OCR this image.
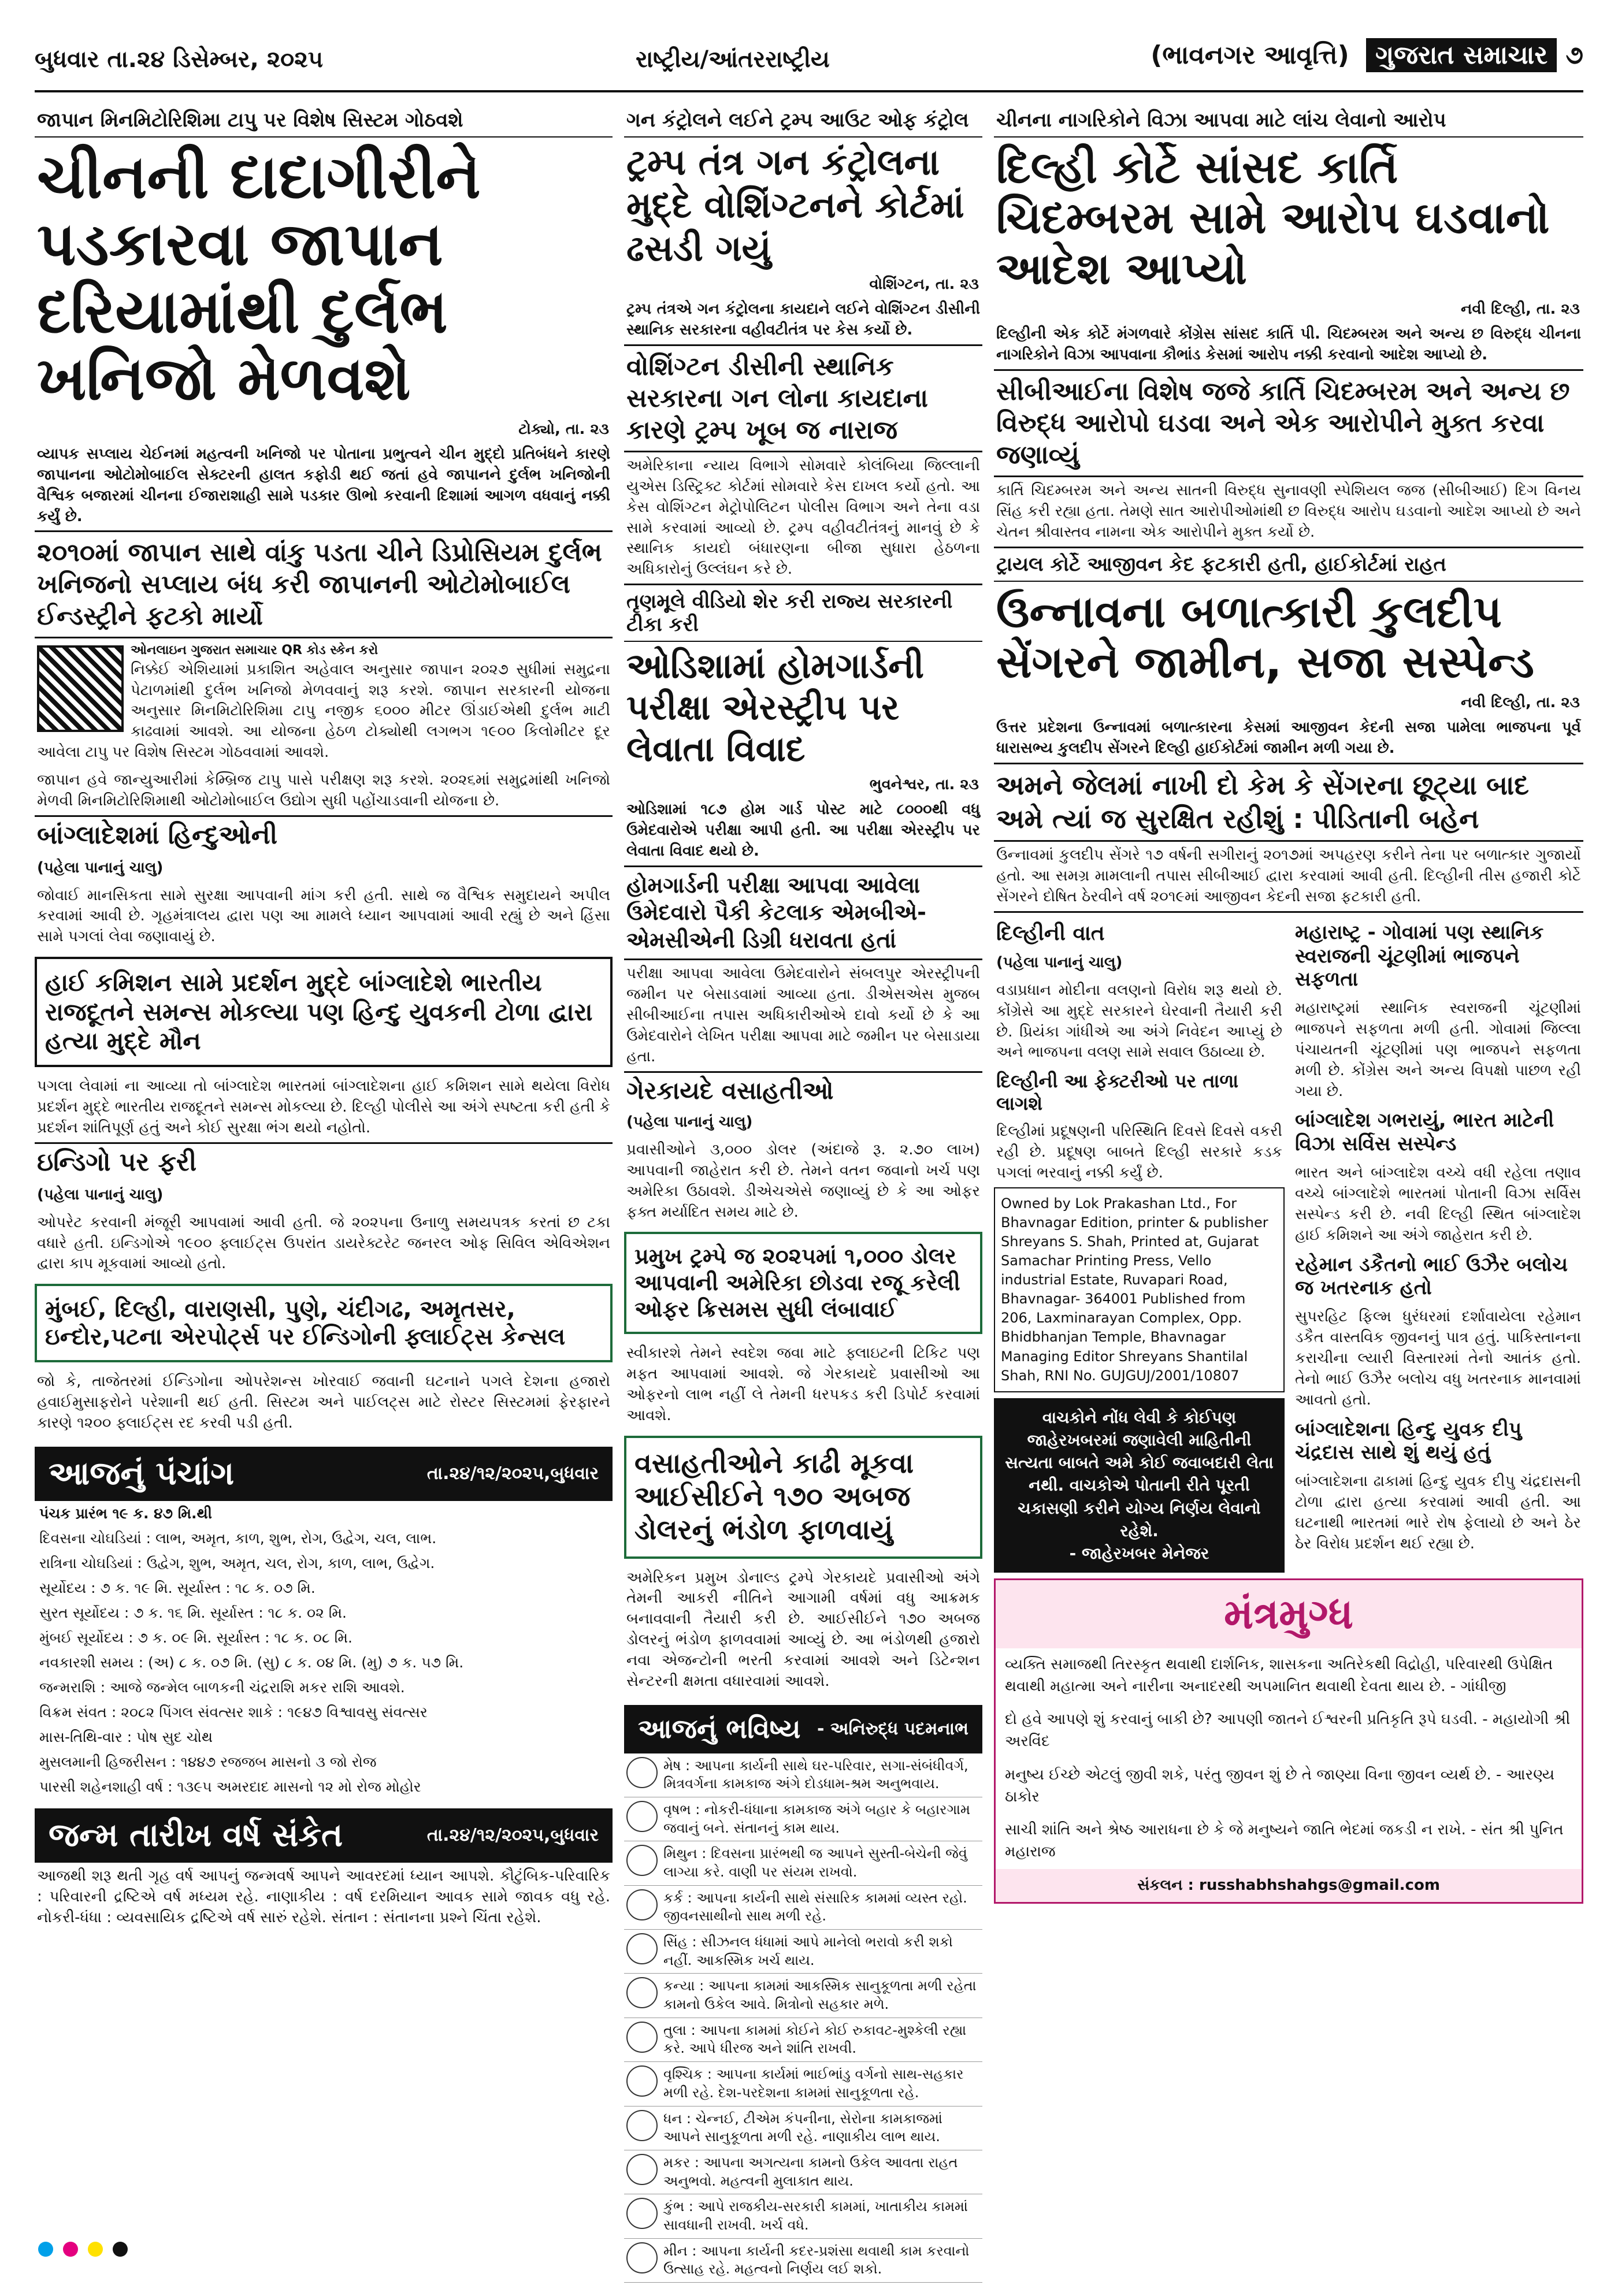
બુધવાર તા.૨૪ ડિસેમ્બર, ૨૦૨૫	રાષ્ટ્રીય/આંતરરાષ્ટ્રીય	(ભાવનગર આવૃત્તિ) ગુજરાત સમાચાર ૭
જાપાન મિનમિટોરિશિમા ટાપુ પર વિશેષ સિસ્ટમ ગોઠવશે
ચીનની દાદાગીરીને પડકારવા જાપાન દરિયામાંથી દુર્લભ ખનિજો મેળવશે
ટોક્યો, તા. ૨૩
વ્યાપક સપ્લાય ચેઈનમાં મહત્વની ખનિજો પર પોતાના પ્રભુત્વને ચીન મુદ્દો પ્રતિબંધને કારણે જાપાનના ઓટોમોબાઈલ સેક્ટરની હાલત કફોડી થઈ જતાં હવે જાપાનને દુર્લભ ખનિજોની વૈશ્વિક બજારમાં ચીનના ઈજારાશાહી સામે પડકાર ઊભો કરવાની દિશામાં આગળ વધવાનું નક્કી કર્યું છે.
૨૦૧૦માં જાપાન સાથે વાંકુ પડતા ચીને ડિપ્રોસિયમ દુર્લભ ખનિજનો સપ્લાય બંધ કરી જાપાનની ઓટોમોબાઈલ ઈન્ડસ્ટ્રીને ફટકો માર્યો
ઓનલાઇન ગુજરાત સમાચાર QR કોડ સ્કેન કરો
નિક્કેઈ એશિયામાં પ્રકાશિત અહેવાલ અનુસાર જાપાન ૨૦૨૭ સુધીમાં સમુદ્રના પેટાળમાંથી દુર્લભ ખનિજો મેળવવાનું શરૂ કરશે. જાપાન સરકારની યોજના અનુસાર મિનમિટોરિશિમા ટાપુ નજીક ૬૦૦૦ મીટર ઊંડાઈએથી દુર્લભ માટી કાઢવામાં આવશે. આ યોજના હેઠળ ટોક્યોથી લગભગ ૧૯૦૦ કિલોમીટર દૂર આવેલા ટાપુ પર વિશેષ સિસ્ટમ ગોઠવવામાં આવશે.
જાપાન હવે જાન્યુઆરીમાં કેમ્બ્રિજ ટાપુ પાસે પરીક્ષણ શરૂ કરશે. ૨૦૨૬માં સમુદ્રમાંથી ખનિજો મેળવી મિનમિટોરિશિમાથી ઓટોમોબાઈલ ઉદ્યોગ સુધી પહોંચાડવાની યોજના છે.
બાંગ્લાદેશમાં હિન્દુઓની
(પહેલા પાનાનું ચાલુ)
જોવાઈ માનસિકતા સામે સુરક્ષા આપવાની માંગ કરી હતી. સાથે જ વૈશ્વિક સમુદાયને અપીલ કરવામાં આવી છે. ગૃહમંત્રાલય દ્વારા પણ આ મામલે ધ્યાન આપવામાં આવી રહ્યું છે અને હિંસા સામે પગલાં લેવા જણાવાયું છે.
હાઈ કમિશન સામે પ્રદર્શન મુદ્દે બાંગ્લાદેશે ભારતીય રાજદૂતને સમન્સ મોકલ્યા પણ હિન્દુ યુવકની ટોળા દ્વારા હત્યા મુદ્દે મૌન
પગલા લેવામાં ના આવ્યા તો બાંગ્લાદેશ ભારતમાં બાંગ્લાદેશના હાઈ કમિશન સામે થયેલા વિરોધ પ્રદર્શન મુદ્દે ભારતીય રાજદૂતને સમન્સ મોકલ્યા છે. દિલ્હી પોલીસે આ અંગે સ્પષ્ટતા કરી હતી કે પ્રદર્શન શાંતિપૂર્ણ હતું અને કોઈ સુરક્ષા ભંગ થયો નહોતો.
ઇન્ડિગો પર ફરી
(પહેલા પાનાનું ચાલુ)
ઓપરેટ કરવાની મંજૂરી આપવામાં આવી હતી. જે ૨૦૨૫ના ઉનાળુ સમયપત્રક કરતાં છ ટકા વધારે હતી. ઇન્ડિગોએ ૧૯૦૦ ફ્લાઈટ્સ ઉપરાંત ડાયરેક્ટરેટ જનરલ ઓફ સિવિલ એવિએશન દ્વારા કાપ મૂકવામાં આવ્યો હતો.
મુંબઈ, દિલ્હી, વારાણસી, પુણે, ચંદીગઢ, અમૃતસર, ઇન્દોર,પટના એરપોર્ટ્સ પર ઈન્ડિગોની ફ્લાઈટ્સ કેન્સલ
જો કે, તાજેતરમાં ઈન્ડિગોના ઓપરેશન્સ ખોરવાઈ જવાની ઘટનાને પગલે દેશના હજારો હવાઈમુસાફરોને પરેશાની થઈ હતી. સિસ્ટમ અને પાઈલટ્સ માટે રોસ્ટર સિસ્ટમમાં ફેરફારને કારણે ૧૨૦૦ ફ્લાઈટ્સ રદ કરવી પડી હતી.
આજનું પંચાંગ	તા.૨૪/૧૨/૨૦૨૫,બુધવાર
પંચક પ્રારંભ ૧૯ ક. ૪૭ મિ.થી
દિવસના ચોઘડિયાં : લાભ, અમૃત, કાળ, શુભ, રોગ, ઉદ્વેગ, ચલ, લાભ.
રાત્રિના ચોઘડિયાં : ઉદ્વેગ, શુભ, અમૃત, ચલ, રોગ, કાળ, લાભ, ઉદ્વેગ.
સૂર્યોદય : ૭ ક. ૧૯ મિ. સૂર્યાસ્ત : ૧૮ ક. ૦૭ મિ.
સુરત સૂર્યોદય : ૭ ક. ૧૬ મિ. સૂર્યાસ્ત : ૧૮ ક. ૦૨ મિ.
મુંબઈ સૂર્યોદય : ૭ ક. ૦૯ મિ. સૂર્યાસ્ત : ૧૮ ક. ૦૮ મિ.
નવકારશી સમય : (અ) ૮ ક. ૦૭ મિ. (સુ) ૮ ક. ૦૪ મિ. (મુ) ૭ ક. ૫૭ મિ.
જન્મરાશિ : આજે જન્મેલ બાળકની ચંદ્રરાશિ મકર રાશિ આવશે.
વિક્રમ સંવત : ૨૦૮૨ પિંગલ સંવત્સર શાકે : ૧૯૪૭ વિશ્વાવસુ સંવત્સર
માસ-તિથિ-વાર : પોષ સુદ ચોથ
મુસલમાની હિજરીસન : ૧૪૪૭ રજજબ માસનો ૩ જો રોજ
પારસી શહેનશાહી વર્ષ : ૧૩૯૫ અમરદાદ માસનો ૧૨ મો રોજ મોહોર
જન્મ તારીખ વર્ષ સંકેત	તા.૨૪/૧૨/૨૦૨૫,બુધવાર
આજથી શરૂ થતી ગૃહ વર્ષ આપનું જન્મવર્ષ આપને આવરદમાં ધ્યાન આપશે. કૌટુંબિક-પરિવારિક : પરિવારની દ્રષ્ટિએ વર્ષ મધ્યમ રહે. નાણાકીય : વર્ષ દરમિયાન આવક સામે જાવક વધુ રહે. નોકરી-ધંધા : વ્યવસાયિક દ્રષ્ટિએ વર્ષ સારું રહેશે. સંતાન : સંતાનના પ્રશ્ને ચિંતા રહેશે.
ગન કંટ્રોલને લઈને ટ્રમ્પ આઉટ ઓફ કંટ્રોલ
ટ્રમ્પ તંત્ર ગન કંટ્રોલના મુદ્દે વોશિંગ્ટનને કોર્ટમાં ઢસડી ગયું
વોશિંગ્ટન, તા. ૨૩
ટ્રમ્પ તંત્રએ ગન કંટ્રોલના કાયદાને લઈને વોશિંગ્ટન ડીસીની સ્થાનિક સરકારના વહીવટીતંત્ર પર કેસ કર્યો છે.
વોશિંગ્ટન ડીસીની સ્થાનિક સરકારના ગન લોના કાયદાના કારણે ટ્રમ્પ ખૂબ જ નારાજ
અમેરિકાના ન્યાય વિભાગે સોમવારે કોલંબિયા જિલ્લાની યુએસ ડિસ્ટ્રિક્ટ કોર્ટમાં સોમવારે કેસ દાખલ કર્યો હતો. આ કેસ વોશિંગ્ટન મેટ્રોપોલિટન પોલીસ વિભાગ અને તેના વડા સામે કરવામાં આવ્યો છે. ટ્રમ્પ વહીવટીતંત્રનું માનવું છે કે સ્થાનિક કાયદો બંધારણના બીજા સુધારા હેઠળના અધિકારોનું ઉલ્લંઘન કરે છે.
તૃણમૂલે વીડિયો શેર કરી રાજ્ય સરકારની ટીકા કરી
ઓડિશામાં હોમગાર્ડની પરીક્ષા એરસ્ટ્રીપ પર લેવાતા વિવાદ
ભુવનેશ્વર, તા. ૨૩
ઓડિશામાં ૧૮૭ હોમ ગાર્ડ પોસ્ટ માટે ૮૦૦૦થી વધુ ઉમેદવારોએ પરીક્ષા આપી હતી. આ પરીક્ષા એરસ્ટ્રીપ પર લેવાતા વિવાદ થયો છે.
હોમગાર્ડની પરીક્ષા આપવા આવેલા ઉમેદવારો પૈકી કેટલાક એમબીએ-એમસીએની ડિગ્રી ધરાવતા હતાં
પરીક્ષા આપવા આવેલા ઉમેદવારોને સંબલપુર એરસ્ટ્રીપની જમીન પર બેસાડવામાં આવ્યા હતા. ડીએસએસ મુજબ સીબીઆઈના તપાસ અધિકારીઓએ દાવો કર્યો છે કે આ ઉમેદવારોને લેખિત પરીક્ષા આપવા માટે જમીન પર બેસાડાયા હતા.
ગેરકાયદે વસાહતીઓ
(પહેલા પાનાનું ચાલુ)
પ્રવાસીઓને ૩,૦૦૦ ડોલર (અંદાજે રૂ. ૨.૭૦ લાખ) આપવાની જાહેરાત કરી છે. તેમને વતન જવાનો ખર્ચ પણ અમેરિકા ઉઠાવશે. ડીએચએસે જણાવ્યું છે કે આ ઓફર ફક્ત મર્યાદિત સમય માટે છે.
પ્રમુખ ટ્રમ્પે જ ૨૦૨૫માં ૧,૦૦૦ ડોલર આપવાની અમેરિકા છોડવા રજૂ કરેલી ઓફર ક્રિસમસ સુધી લંબાવાઈ
સ્વીકારશે તેમને સ્વદેશ જવા માટે ફ્લાઇટની ટિકિટ પણ મફત આપવામાં આવશે. જે ગેરકાયદે પ્રવાસીઓ આ ઓફરનો લાભ નહીં લે તેમની ધરપકડ કરી ડિપોર્ટ કરવામાં આવશે.
વસાહતીઓને કાઢી મૂકવા આઈસીઈને ૧૭૦ અબજ ડોલરનું ભંડોળ ફાળવાયું
અમેરિકન પ્રમુખ ડોનાલ્ડ ટ્રમ્પે ગેરકાયદે પ્રવાસીઓ અંગે તેમની આકરી નીતિને આગામી વર્ષમાં વધુ આક્રમક બનાવવાની તૈયારી કરી છે. આઈસીઈને ૧૭૦ અબજ ડોલરનું ભંડોળ ફાળવવામાં આવ્યું છે. આ ભંડોળથી હજારો નવા એજન્ટોની ભરતી કરવામાં આવશે અને ડિટેન્શન સેન્ટરની ક્ષમતા વધારવામાં આવશે.
આજનું ભવિષ્ય - અનિરુદ્ધ પદમનાભ
મેષ : આપના કાર્યની સાથે ઘર-પરિવાર, સગા-સંબંધીવર્ગ, મિત્રવર્ગના કામકાજ અંગે દોડધામ-શ્રમ અનુભવાય.
વૃષભ : નોકરી-ધંધાના કામકાજ અંગે બહાર કે બહારગામ જવાનું બને. સંતાનનું કામ થાય.
મિથુન : દિવસના પ્રારંભથી જ આપને સુસ્તી-બેચેની જેવું લાગ્યા કરે. વાણી પર સંયમ રાખવો.
કર્ક : આપના કાર્યની સાથે સંસારિક કામમાં વ્યસ્ત રહો. જીવનસાથીનો સાથ મળી રહે.
સિંહ : સીઝનલ ધંધામાં આપે માનેલો ભરાવો કરી શકો નહીં. આકસ્મિક ખર્ચ થાય.
કન્યા : આપના કામમાં આકસ્મિક સાનુકૂળતા મળી રહેતા કામનો ઉકેલ આવે. મિત્રોનો સહકાર મળે.
તુલા : આપના કામમાં કોઈને કોઈ રુકાવટ-મુશ્કેલી રહ્યા કરે. આપે ધીરજ અને શાંતિ રાખવી.
વૃશ્ચિક : આપના કાર્યમાં ભાઈભાંડુ વર્ગનો સાથ-સહકાર મળી રહે. દેશ-પરદેશના કામમાં સાનુકૂળતા રહે.
ધન : ચેન્નઈ, ટીએમ કંપનીના, સેરોના કામકાજમાં આપને સાનુકૂળતા મળી રહે. નાણાકીય લાભ થાય.
મકર : આપના અગત્યના કામનો ઉકેલ આવતા રાહત અનુભવો. મહત્વની મુલાકાત થાય.
કુંભ : આપે રાજકીય-સરકારી કામમાં, ખાતાકીય કામમાં સાવધાની રાખવી. ખર્ચ વધે.
મીન : આપના કાર્યની કદર-પ્રશંસા થવાથી કામ કરવાનો ઉત્સાહ રહે. મહત્વનો નિર્ણય લઈ શકો.
ચીનના નાગરિકોને વિઝા આપવા માટે લાંચ લેવાનો આરોપ
દિલ્હી કોર્ટે સાંસદ કાર્તિ ચિદમ્બરમ સામે આરોપ ઘડવાનો આદેશ આપ્યો
નવી દિલ્હી, તા. ૨૩
દિલ્હીની એક કોર્ટે મંગળવારે કોંગ્રેસ સાંસદ કાર્તિ પી. ચિદમ્બરમ અને અન્ય છ વિરુદ્ધ ચીનના નાગરિકોને વિઝા આપવાના કૌભાંડ કેસમાં આરોપ નક્કી કરવાનો આદેશ આપ્યો છે.
સીબીઆઈના વિશેષ જજે કાર્તિ ચિદમ્બરમ અને અન્ય છ વિરુદ્ધ આરોપો ઘડવા અને એક આરોપીને મુક્ત કરવા જણાવ્યું
કાર્તિ ચિદમ્બરમ અને અન્ય સાતની વિરુદ્ધ સુનાવણી સ્પેશિયલ જજ (સીબીઆઈ) દિગ વિનય સિંહ કરી રહ્યા હતા. તેમણે સાત આરોપીઓમાંથી છ વિરુદ્ધ આરોપ ઘડવાનો આદેશ આપ્યો છે અને ચેતન શ્રીવાસ્તવ નામના એક આરોપીને મુક્ત કર્યો છે.
ટ્રાયલ કોર્ટે આજીવન કેદ ફટકારી હતી, હાઈકોર્ટમાં રાહત
ઉન્નાવના બળાત્કારી કુલદીપ સેંગરને જામીન, સજા સસ્પેન્ડ
નવી દિલ્હી, તા. ૨૩
ઉત્તર પ્રદેશના ઉન્નાવમાં બળાત્કારના કેસમાં આજીવન કેદની સજા પામેલા ભાજપના પૂર્વ ધારાસભ્ય કુલદીપ સેંગરને દિલ્હી હાઈકોર્ટમાં જામીન મળી ગયા છે.
અમને જેલમાં નાખી દો કેમ કે સેંગરના છૂટ્યા બાદ અમે ત્યાં જ સુરક્ષિત રહીશું : પીડિતાની બહેન
ઉન્નાવમાં કુલદીપ સેંગરે ૧૭ વર્ષની સગીરાનું ૨૦૧૭માં અપહરણ કરીને તેના પર બળાત્કાર ગુજાર્યો હતો. આ સમગ્ર મામલાની તપાસ સીબીઆઈ દ્વારા કરવામાં આવી હતી. દિલ્હીની તીસ હજારી કોર્ટે સેંગરને દોષિત ઠેરવીને વર્ષ ૨૦૧૯માં આજીવન કેદની સજા ફટકારી હતી.
દિલ્હીની વાત
(પહેલા પાનાનું ચાલુ)
વડાપ્રધાન મોદીના વલણનો વિરોધ શરૂ થયો છે. કોંગ્રેસે આ મુદ્દે સરકારને ઘેરવાની તૈયારી કરી છે. પ્રિયંકા ગાંધીએ આ અંગે નિવેદન આપ્યું છે અને ભાજપના વલણ સામે સવાલ ઉઠાવ્યા છે.
દિલ્હીની આ ફેક્ટરીઓ પર તાળા લાગશે
દિલ્હીમાં પ્રદૂષણની પરિસ્થિતિ દિવસે દિવસે વકરી રહી છે. પ્રદૂષણ બાબતે દિલ્હી સરકારે કડક પગલાં ભરવાનું નક્કી કર્યું છે.
Owned by Lok Prakashan Ltd., For Bhavnagar Edition, printer & publisher Shreyans S. Shah, Printed at, Gujarat Samachar Printing Press, Vello industrial Estate, Ruvapari Road, Bhavnagar- 364001 Published from 206, Laxminarayan Complex, Opp. Bhidbhanjan Temple, Bhavnagar Managing Editor Shreyans Shantilal Shah, RNI No. GUJGUJ/2001/10807
વાચકોને નોંધ લેવી કે કોઈપણ જાહેરખબરમાં જણાવેલી માહિતીની સત્યતા બાબતે અમે કોઈ જવાબદારી લેતા નથી. વાચકોએ પોતાની રીતે પૂરતી ચકાસણી કરીને યોગ્ય નિર્ણય લેવાનો રહેશે.
- જાહેરખબર મેનેજર
મહારાષ્ટ્ર - ગોવામાં પણ સ્થાનિક સ્વરાજની ચૂંટણીમાં ભાજપને સફળતા
મહારાષ્ટ્રમાં સ્થાનિક સ્વરાજની ચૂંટણીમાં ભાજપને સફળતા મળી હતી. ગોવામાં જિલ્લા પંચાયતની ચૂંટણીમાં પણ ભાજપને સફળતા મળી છે. કોંગ્રેસ અને અન્ય વિપક્ષો પાછળ રહી ગયા છે.
બાંગ્લાદેશ ગભરાયું, ભારત માટેની વિઝા સર્વિસ સસ્પેન્ડ
ભારત અને બાંગ્લાદેશ વચ્ચે વધી રહેલા તણાવ વચ્ચે બાંગ્લાદેશે ભારતમાં પોતાની વિઝા સર્વિસ સસ્પેન્ડ કરી છે. નવી દિલ્હી સ્થિત બાંગ્લાદેશ હાઈ કમિશને આ અંગે જાહેરાત કરી છે.
રહેમાન ડકૈતનો ભાઈ ઉઝૈર બલોચ જ ખતરનાક હતો
સુપરહિટ ફિલ્મ ધુરંધરમાં દર્શાવાયેલા રહેમાન ડકૈત વાસ્તવિક જીવનનું પાત્ર હતું. પાકિસ્તાનના કરાચીના લ્યારી વિસ્તારમાં તેનો આતંક હતો. તેનો ભાઈ ઉઝૈર બલોચ વધુ ખતરનાક માનવામાં આવતો હતો.
બાંગ્લાદેશના હિન્દુ યુવક દીપુ ચંદ્રદાસ સાથે શું થયું હતું
બાંગ્લાદેશના ઢાકામાં હિન્દુ યુવક દીપુ ચંદ્રદાસની ટોળા દ્વારા હત્યા કરવામાં આવી હતી. આ ઘટનાથી ભારતમાં ભારે રોષ ફેલાયો છે અને ઠેર ઠેર વિરોધ પ્રદર્શન થઈ રહ્યા છે.
મંત્રમુગ્ધ
વ્યક્તિ સમાજથી તિરસ્કૃત થવાથી દાર્શનિક, શાસકના અતિરેકથી વિદ્રોહી, પરિવારથી ઉપેક્ષિત થવાથી મહાત્મા અને નારીના અનાદરથી અપમાનિત થવાથી દેવતા થાય છે. - ગાંધીજી
દો હવે આપણે શું કરવાનું બાકી છે? આપણી જાતને ઈશ્વરની પ્રતિકૃતિ રૂપે ઘડવી. - મહાયોગી શ્રી અરવિંદ
મનુષ્ય ઈચ્છે એટલું જીવી શકે, પરંતુ જીવન શું છે તે જાણ્યા વિના જીવન વ્યર્થ છે. - આરણ્ય ઠાકોર
સાચી શાંતિ અને શ્રેષ્ઠ આરાધના છે કે જે મનુષ્યને જાતિ ભેદમાં જકડી ન રાખે. - સંત શ્રી પુનિત મહારાજ
સંકલન : russhabhshahgs@gmail.com
